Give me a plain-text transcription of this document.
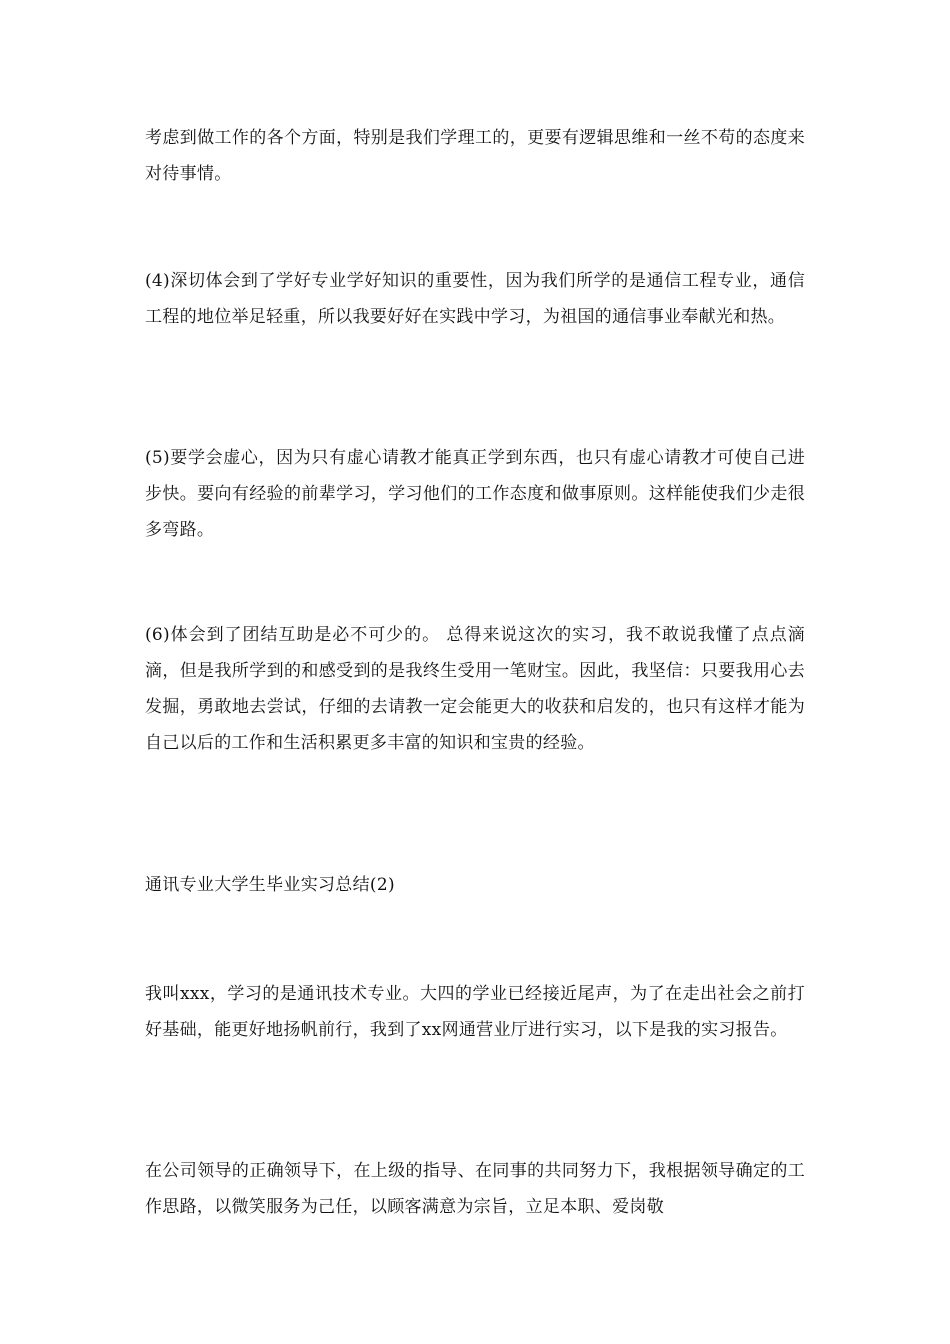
考虑到做工作的各个方面，特别是我们学理工的，更要有逻辑思维和一丝不苟的态度来对待事情。

(4)深切体会到了学好专业学好知识的重要性，因为我们所学的是通信工程专业，通信工程的地位举足轻重，所以我要好好在实践中学习，为祖国的通信事业奉献光和热。

(5)要学会虚心，因为只有虚心请教才能真正学到东西，也只有虚心请教才可使自己进步快。要向有经验的前辈学习，学习他们的工作态度和做事原则。这样能使我们少走很多弯路。

(6)体会到了团结互助是必不可少的。 总得来说这次的实习，我不敢说我懂了点点滴滴，但是我所学到的和感受到的是我终生受用一笔财宝。因此，我坚信：只要我用心去发掘，勇敢地去尝试，仔细的去请教一定会能更大的收获和启发的，也只有这样才能为自己以后的工作和生活积累更多丰富的知识和宝贵的经验。

通讯专业大学生毕业实习总结(2)

我叫xxx，学习的是通讯技术专业。大四的学业已经接近尾声，为了在走出社会之前打好基础，能更好地扬帆前行，我到了xx网通营业厅进行实习，以下是我的实习报告。

在公司领导的正确领导下，在上级的指导、在同事的共同努力下，我根据领导确定的工作思路，以微笑服务为己任，以顾客满意为宗旨，立足本职、爱岗敬
